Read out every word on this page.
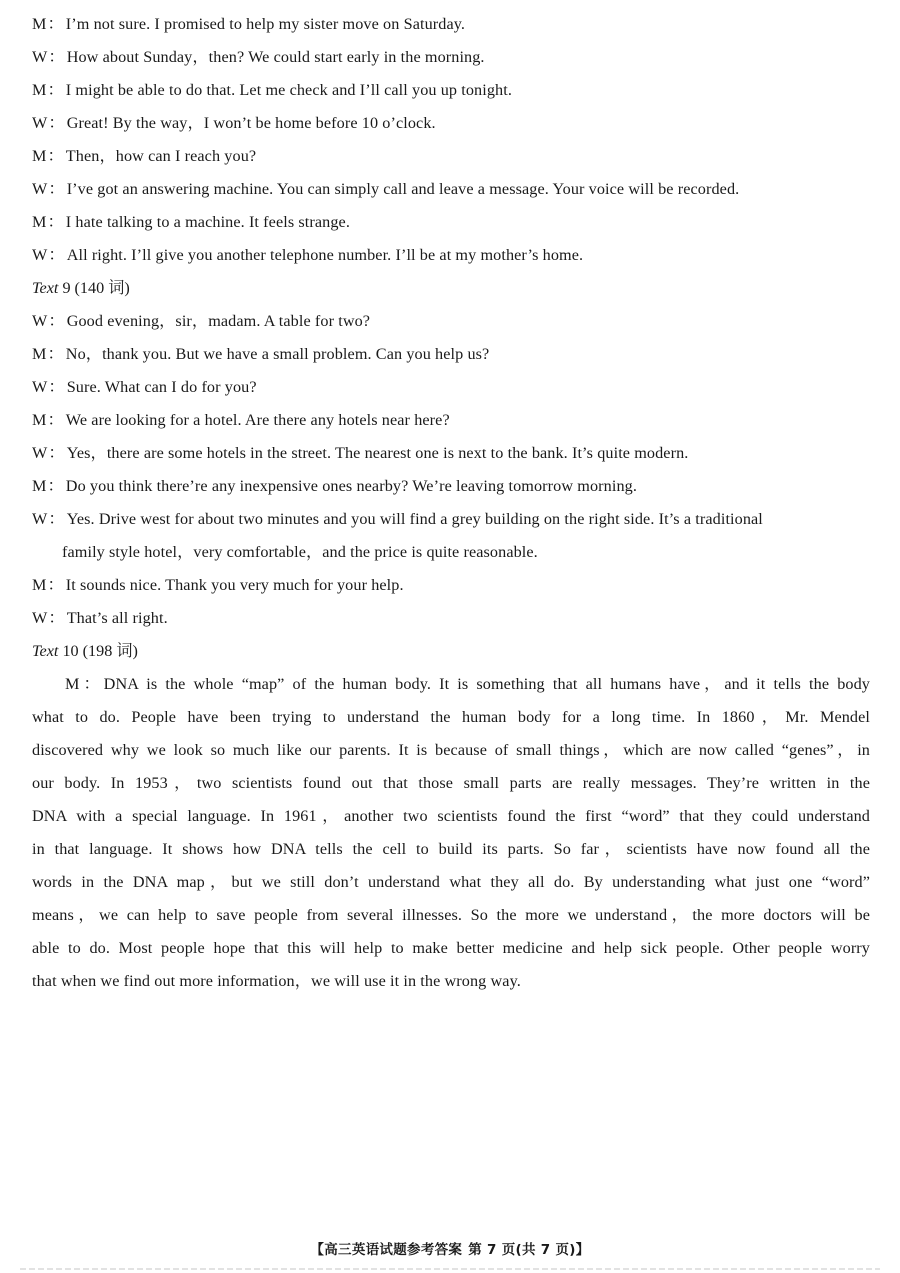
M： I’m not sure. I promised to help my sister move on Saturday.
W： How about Sunday，then? We could start early in the morning.
M： I might be able to do that. Let me check and I’ll call you up tonight.
W： Great! By the way，I won’t be home before 10 o’clock.
M： Then，how can I reach you?
W： I’ve got an answering machine. You can simply call and leave a message. Your voice will be recorded.
M： I hate talking to a machine. It feels strange.
W： All right. I’ll give you another telephone number. I’ll be at my mother’s home.
Text 9 (140 词)
W： Good evening，sir，madam. A table for two?
M： No，thank you. But we have a small problem. Can you help us?
W： Sure. What can I do for you?
M： We are looking for a hotel. Are there any hotels near here?
W： Yes，there are some hotels in the street. The nearest one is next to the bank. It’s quite modern.
M： Do you think there’re any inexpensive ones nearby? We’re leaving tomorrow morning.
W： Yes. Drive west for about two minutes and you will find a grey building on the right side. It’s a traditional
family style hotel，very comfortable，and the price is quite reasonable.
M： It sounds nice. Thank you very much for your help.
W： That’s all right.
Text 10 (198 词)
M：DNA is the whole “map” of the human body. It is something that all humans have，and it tells the body
what to do. People have been trying to understand the human body for a long time. In 1860，Mr. Mendel
discovered why we look so much like our parents. It is because of small things，which are now called “genes”，in
our body. In 1953，two scientists found out that those small parts are really messages. They’re written in the
DNA with a special language. In 1961，another two scientists found the first “word” that they could understand
in that language. It shows how DNA tells the cell to build its parts. So far，scientists have now found all the
words in the DNA map，but we still don’t understand what they all do. By understanding what just one “word”
means，we can help to save people from several illnesses. So the more we understand，the more doctors will be
able to do. Most people hope that this will help to make better medicine and help sick people. Other people worry
that when we find out more information，we will use it in the wrong way.
【高三英语试题参考答案 第 7 页(共 7 页)】
